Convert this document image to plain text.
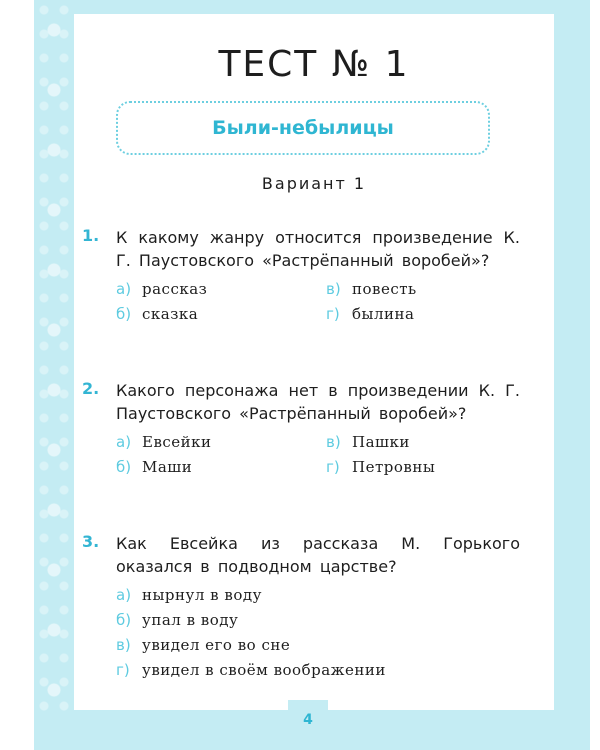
ТЕСТ № 1
Были-небылицы
Вариант 1
1. К какому жанру относится произведение К. Г. Паустовского «Растрёпанный воробей»?
а) рассказ	в) повесть
б) сказка	г) былина
2. Какого персонажа нет в произведении К. Г. Паустовского «Растрёпанный воробей»?
а) Евсейки	в) Пашки
б) Маши	г) Петровны
3. Как Евсейка из рассказа М. Горького оказался в подводном царстве?
а) нырнул в воду
б) упал в воду
в) увидел его во сне
г) увидел в своём воображении
4
